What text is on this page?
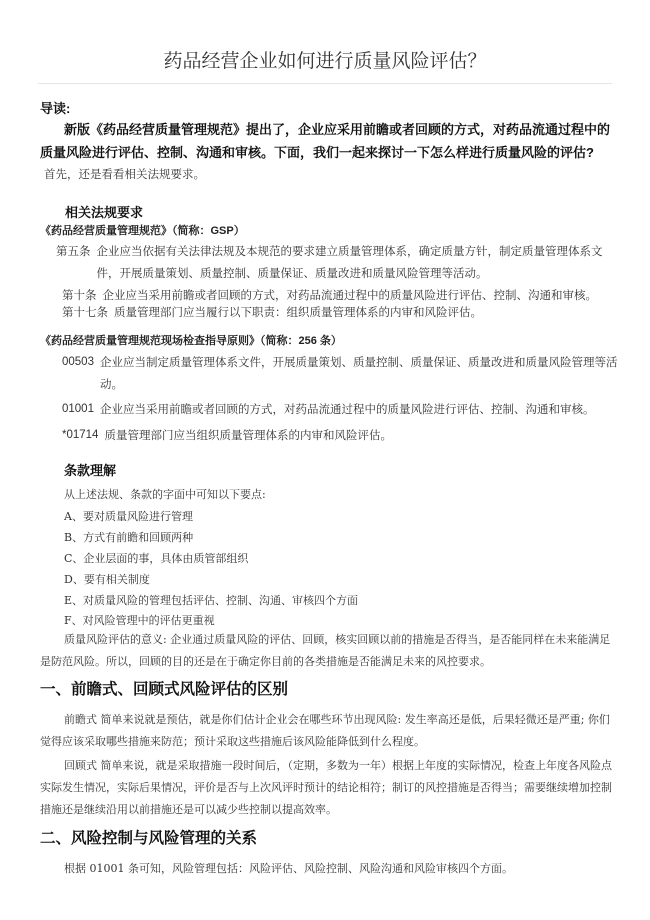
药品经营企业如何进行质量风险评估？
导读:
新版《药品经营质量管理规范》提出了，企业应采用前瞻或者回顾的方式，对药品流通过程中的质量风险进行评估、控制、沟通和审核。下面，我们一起来探讨一下怎么样进行质量风险的评估?
首先，还是看看相关法规要求。
相关法规要求
《药品经营质量管理规范》（简称：GSP）
第五条 企业应当依据有关法律法规及本规范的要求建立质量管理体系，确定质量方针，制定质量管理体系文件，开展质量策划、质量控制、质量保证、质量改进和质量风险管理等活动。
第十条 企业应当采用前瞻或者回顾的方式，对药品流通过程中的质量风险进行评估、控制、沟通和审核。
第十七条 质量管理部门应当履行以下职责：组织质量管理体系的内审和风险评估。
《药品经营质量管理规范现场检查指导原则》（简称：256 条）
00503 企业应当制定质量管理体系文件，开展质量策划、质量控制、质量保证、质量改进和质量风险管理等活动。
01001 企业应当采用前瞻或者回顾的方式，对药品流通过程中的质量风险进行评估、控制、沟通和审核。
*01714 质量管理部门应当组织质量管理体系的内审和风险评估。
条款理解
从上述法规、条款的字面中可知以下要点:
A、要对质量风险进行管理
B、方式有前瞻和回顾两种
C、企业层面的事，具体由质管部组织
D、要有相关制度
E、对质量风险的管理包括评估、控制、沟通、审核四个方面
F、对风险管理中的评估更重视
质量风险评估的意义: 企业通过质量风险的评估、回顾，核实回顾以前的措施是否得当，是否能同样在未来能满足是防范风险。所以，回顾的目的还是在于确定你目前的各类措施是否能满足未来的风控要求。
一、前瞻式、回顾式风险评估的区别
前瞻式 简单来说就是预估，就是你们估计企业会在哪些环节出现风险: 发生率高还是低，后果轻微还是严重; 你们觉得应该采取哪些措施来防范；预计采取这些措施后该风险能降低到什么程度。
回顾式 简单来说，就是采取措施一段时间后，（定期，多数为一年）根据上年度的实际情况，检查上年度各风险点实际发生情况，实际后果情况，评价是否与上次风评时预计的结论相符；制订的风控措施是否得当；需要继续增加控制措施还是继续沿用以前措施还是可以减少些控制以提高效率。
二、风险控制与风险管理的关系
根据 01001 条可知，风险管理包括：风险评估、风险控制、风险沟通和风险审核四个方面。
